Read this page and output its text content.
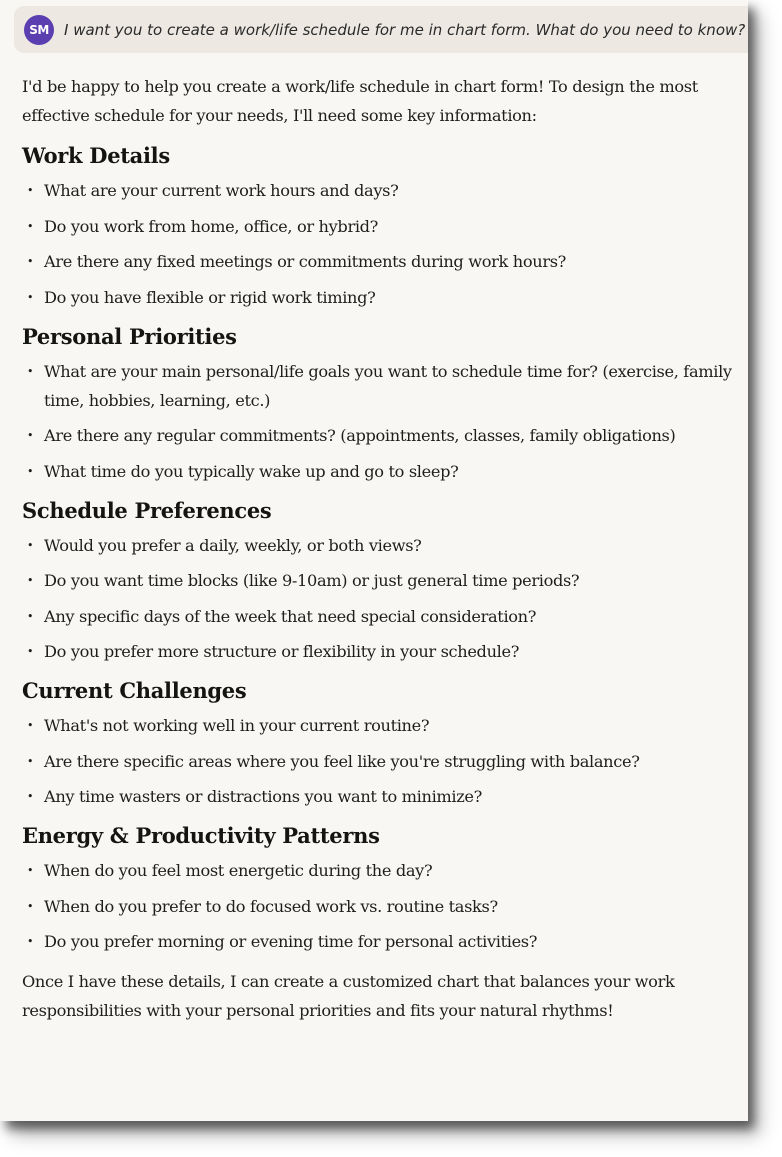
SM	I want you to create a work/life schedule for me in chart form. What do you need to know?

I'd be happy to help you create a work/life schedule in chart form! To design the most effective schedule for your needs, I'll need some key information:

Work Details
• What are your current work hours and days?
• Do you work from home, office, or hybrid?
• Are there any fixed meetings or commitments during work hours?
• Do you have flexible or rigid work timing?
Personal Priorities
• What are your main personal/life goals you want to schedule time for? (exercise, family time, hobbies, learning, etc.)
• Are there any regular commitments? (appointments, classes, family obligations)
• What time do you typically wake up and go to sleep?
Schedule Preferences
• Would you prefer a daily, weekly, or both views?
• Do you want time blocks (like 9-10am) or just general time periods?
• Any specific days of the week that need special consideration?
• Do you prefer more structure or flexibility in your schedule?
Current Challenges
• What's not working well in your current routine?
• Are there specific areas where you feel like you're struggling with balance?
• Any time wasters or distractions you want to minimize?
Energy & Productivity Patterns
• When do you feel most energetic during the day?
• When do you prefer to do focused work vs. routine tasks?
• Do you prefer morning or evening time for personal activities?

Once I have these details, I can create a customized chart that balances your work responsibilities with your personal priorities and fits your natural rhythms!
